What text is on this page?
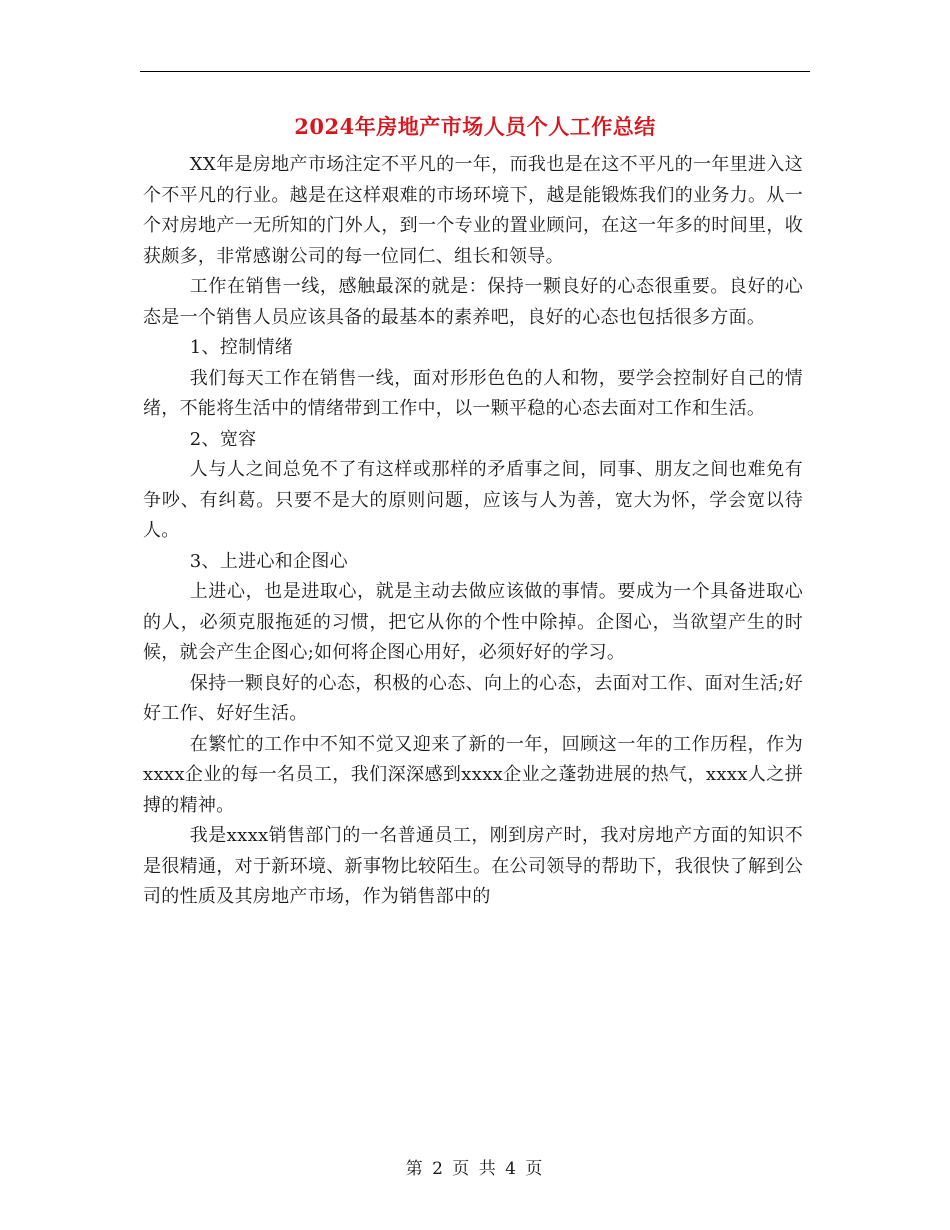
2024年房地产市场人员个人工作总结

XX年是房地产市场注定不平凡的一年，而我也是在这不平凡的一年里进入这个不平凡的行业。越是在这样艰难的市场环境下，越是能锻炼我们的业务力。从一个对房地产一无所知的门外人，到一个专业的置业顾问，在这一年多的时间里，收获颇多，非常感谢公司的每一位同仁、组长和领导。

工作在销售一线，感触最深的就是：保持一颗良好的心态很重要。良好的心态是一个销售人员应该具备的最基本的素养吧，良好的心态也包括很多方面。

1、控制情绪

我们每天工作在销售一线，面对形形色色的人和物，要学会控制好自己的情绪，不能将生活中的情绪带到工作中，以一颗平稳的心态去面对工作和生活。

2、宽容

人与人之间总免不了有这样或那样的矛盾事之间，同事、朋友之间也难免有争吵、有纠葛。只要不是大的原则问题，应该与人为善，宽大为怀，学会宽以待人。

3、上进心和企图心

上进心，也是进取心，就是主动去做应该做的事情。要成为一个具备进取心的人，必须克服拖延的习惯，把它从你的个性中除掉。企图心，当欲望产生的时候，就会产生企图心;如何将企图心用好，必须好好的学习。

保持一颗良好的心态，积极的心态、向上的心态，去面对工作、面对生活;好好工作、好好生活。

在繁忙的工作中不知不觉又迎来了新的一年，回顾这一年的工作历程，作为xxxx企业的每一名员工，我们深深感到xxxx企业之蓬勃进展的热气，xxxx人之拼搏的精神。

我是xxxx销售部门的一名普通员工，刚到房产时，我对房地产方面的知识不是很精通，对于新环境、新事物比较陌生。在公司领导的帮助下，我很快了解到公司的性质及其房地产市场，作为销售部中的

第 2 页 共 4 页
